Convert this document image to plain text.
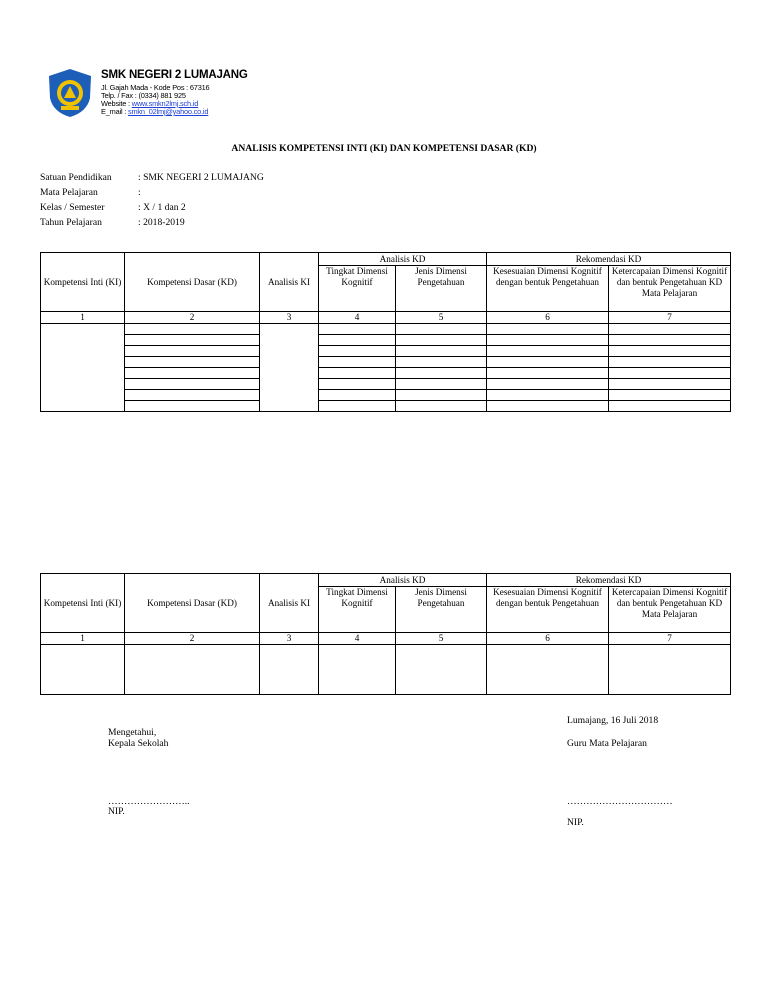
SMK NEGERI 2 LUMAJANG
Jl. Gajah Mada - Kode Pos : 67316
Telp. / Fax : (0334) 881 925
Website : www.smkn2lmj.sch.id
E_mail : smkn_02lmj@yahoo.co.id
ANALISIS KOMPETENSI INTI (KI) DAN KOMPETENSI DASAR (KD)
Satuan Pendidikan	: SMK NEGERI 2 LUMAJANG
Mata Pelajaran	:
Kelas / Semester	: X / 1 dan 2
Tahun Pelajaran	: 2018-2019
Kompetensi Inti (KI)	Kompetensi Dasar (KD)	Analisis KI	Analisis KD		Rekomendasi KD	
			Tingkat Dimensi Kognitif	Jenis Dimensi Pengetahuan	Kesesuaian Dimensi Kognitif dengan bentuk Pengetahuan	Ketercapaian Dimensi Kognitif dan bentuk Pengetahuan KD Mata Pelajaran
1	2	3	4	5	6	7

Kompetensi Inti (KI)	Kompetensi Dasar (KD)	Analisis KI	Analisis KD		Rekomendasi KD	
			Tingkat Dimensi Kognitif	Jenis Dimensi Pengetahuan	Kesesuaian Dimensi Kognitif dengan bentuk Pengetahuan	Ketercapaian Dimensi Kognitif dan bentuk Pengetahuan KD Mata Pelajaran
1	2	3	4	5	6	7

Lumajang, 16 Juli 2018
Mengetahui,
Kepala Sekolah	Guru Mata Pelajaran
……………………..
NIP.
……………………………
NIP.
